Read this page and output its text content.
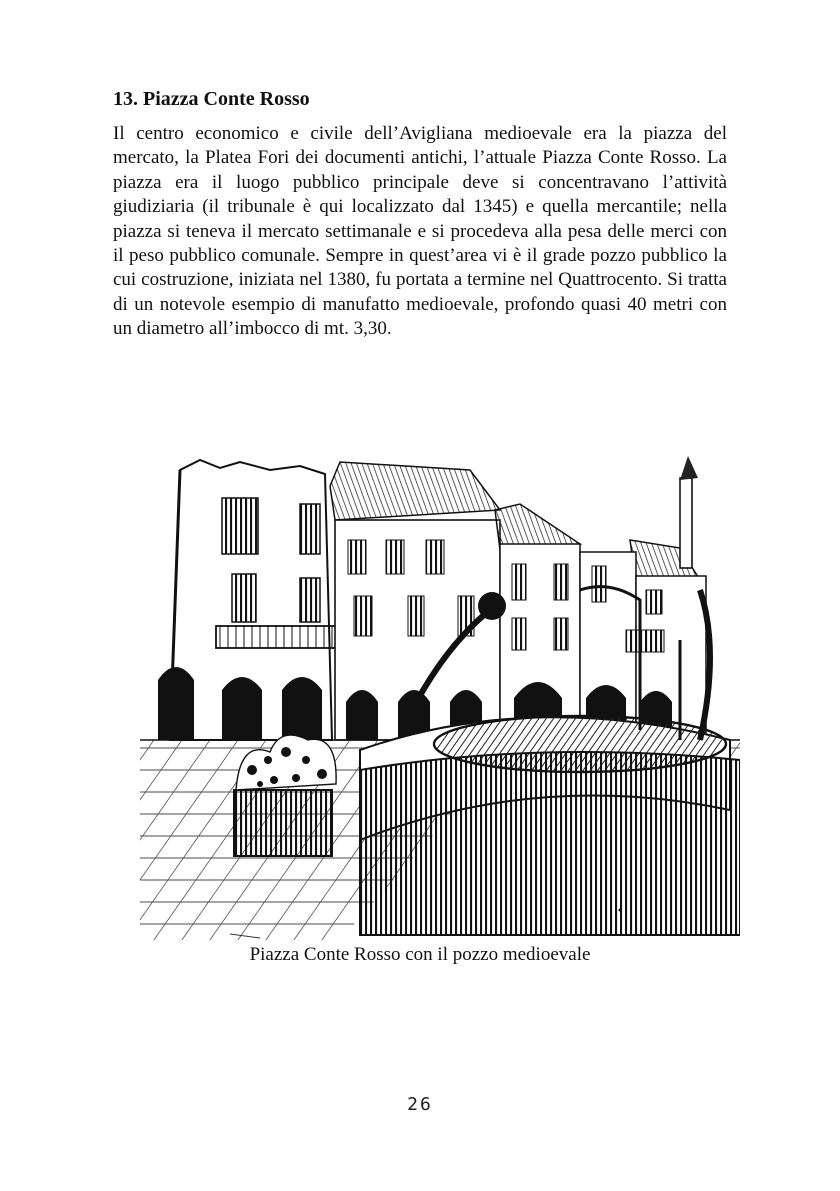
13. Piazza Conte Rosso

Il centro economico e civile dell’Avigliana medioevale era la piazza del mercato, la Platea Fori dei documenti antichi, l’attuale Piazza Conte Rosso. La piazza era il luogo pubblico principale deve si concentravano l’attività giudiziaria (il tribunale è qui localizzato dal 1345) e quella mercantile; nella piazza si teneva il mercato settimanale e si procedeva alla pesa delle merci con il peso pubblico comunale. Sempre in quest’area vi è il grade pozzo pubblico la cui costruzione, iniziata nel 1380, fu portata a termine nel Quattrocento. Si tratta di un notevole esempio di manufatto medioevale, profondo quasi 40 metri con un diametro all’imbocco di mt. 3,30.

Piazza Conte Rosso con il pozzo medioevale

26
